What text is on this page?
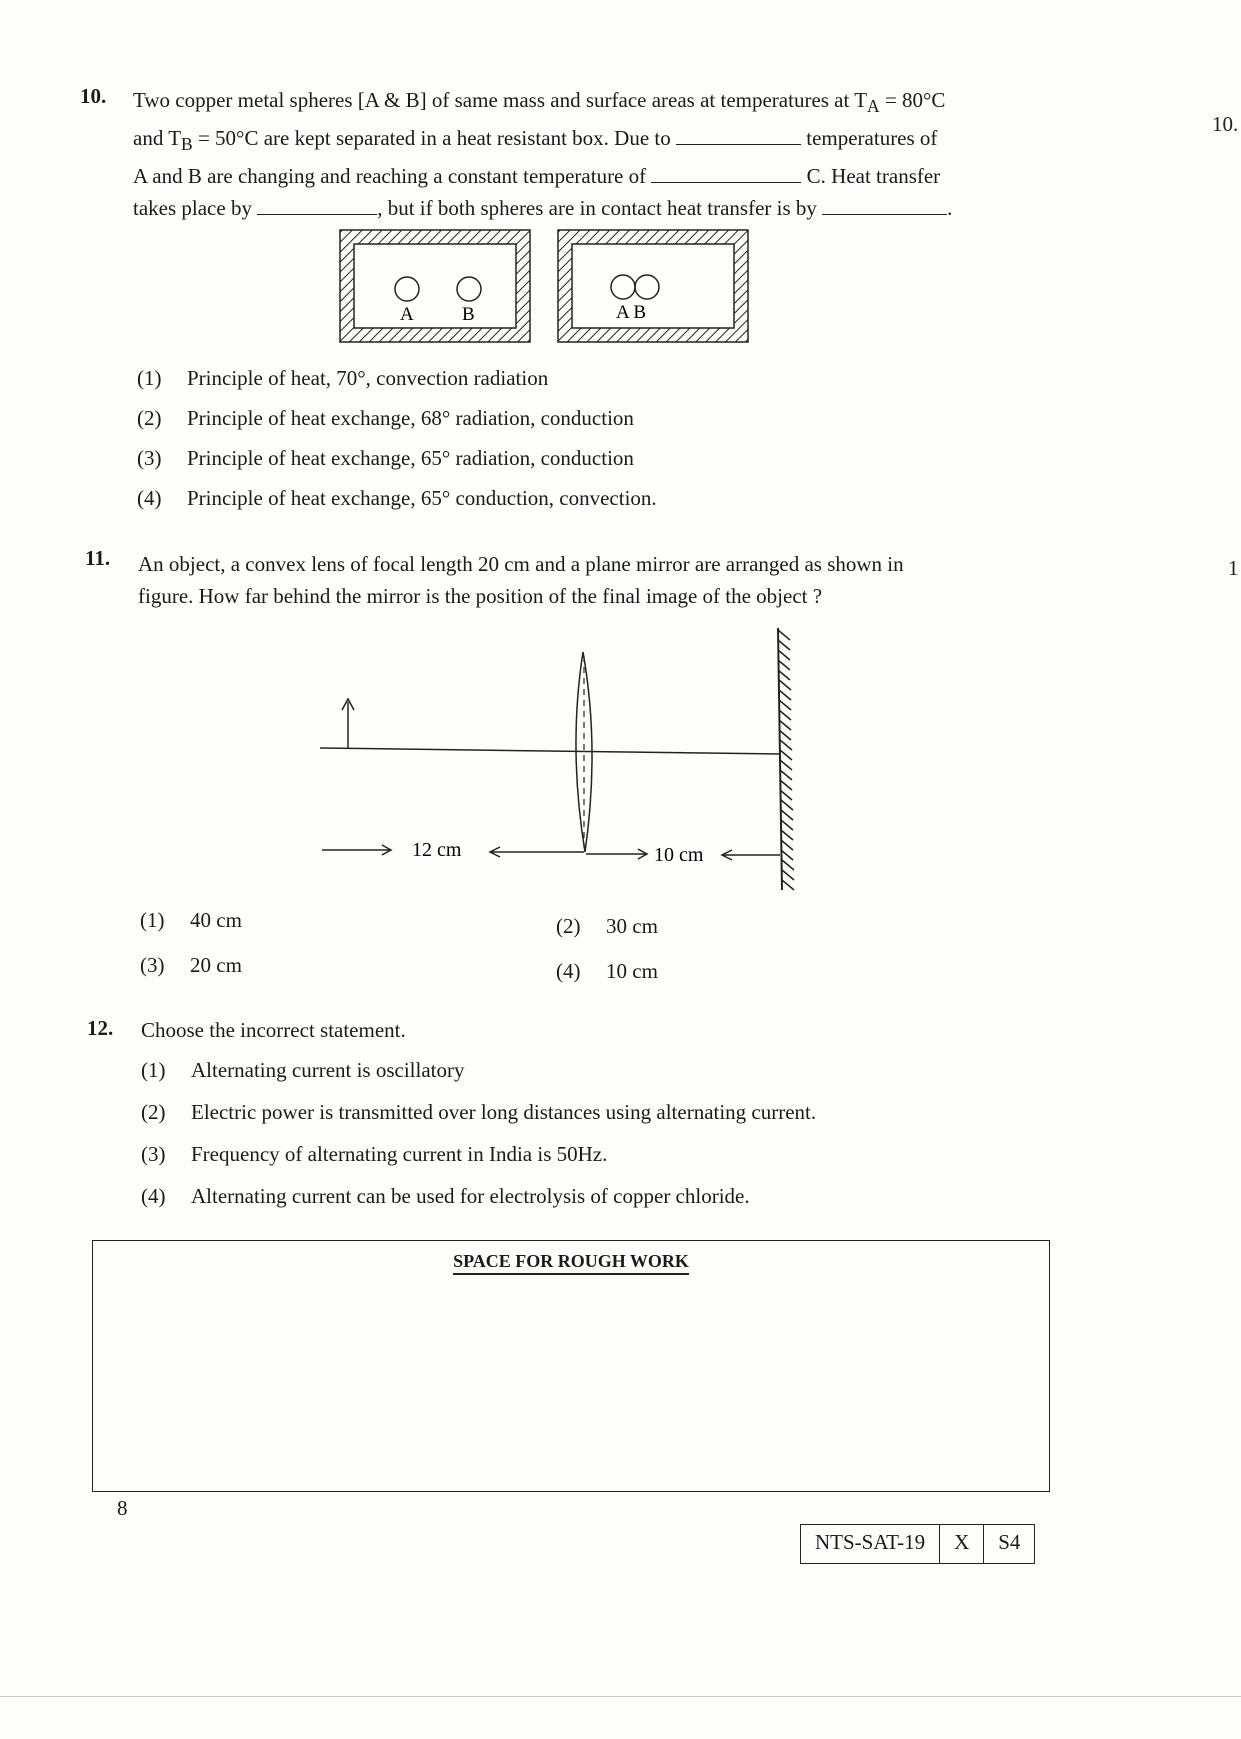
10. Two copper metal spheres [A & B] of same mass and surface areas at temperatures at $T_A = 80^\circ C$
and $T_B = 50^\circ C$ are kept separated in a heat resistant box. Due to	temperatures of
A and B are changing and reaching a constant temperature of	C. Heat transfer
takes place by	, but if both spheres are in contact heat transfer is by	.
A	B	A B
(1) Principle of heat, 70°, convection radiation
(2) Principle of heat exchange, 68° radiation, conduction
(3) Principle of heat exchange, 65° radiation, conduction
(4) Principle of heat exchange, 65° conduction, convection.
11. An object, a convex lens of focal length 20 cm and a plane mirror are arranged as shown in
figure. How far behind the mirror is the position of the final image of the object ?
12 cm	10 cm
(1) 40 cm	(2) 30 cm
(3) 20 cm	(4) 10 cm
12. Choose the incorrect statement.
(1) Alternating current is oscillatory
(2) Electric power is transmitted over long distances using alternating current.
(3) Frequency of alternating current in India is 50Hz.
(4) Alternating current can be used for electrolysis of copper chloride.
SPACE FOR ROUGH WORK
8
NTS-SAT-19	X	S4
10.
1
